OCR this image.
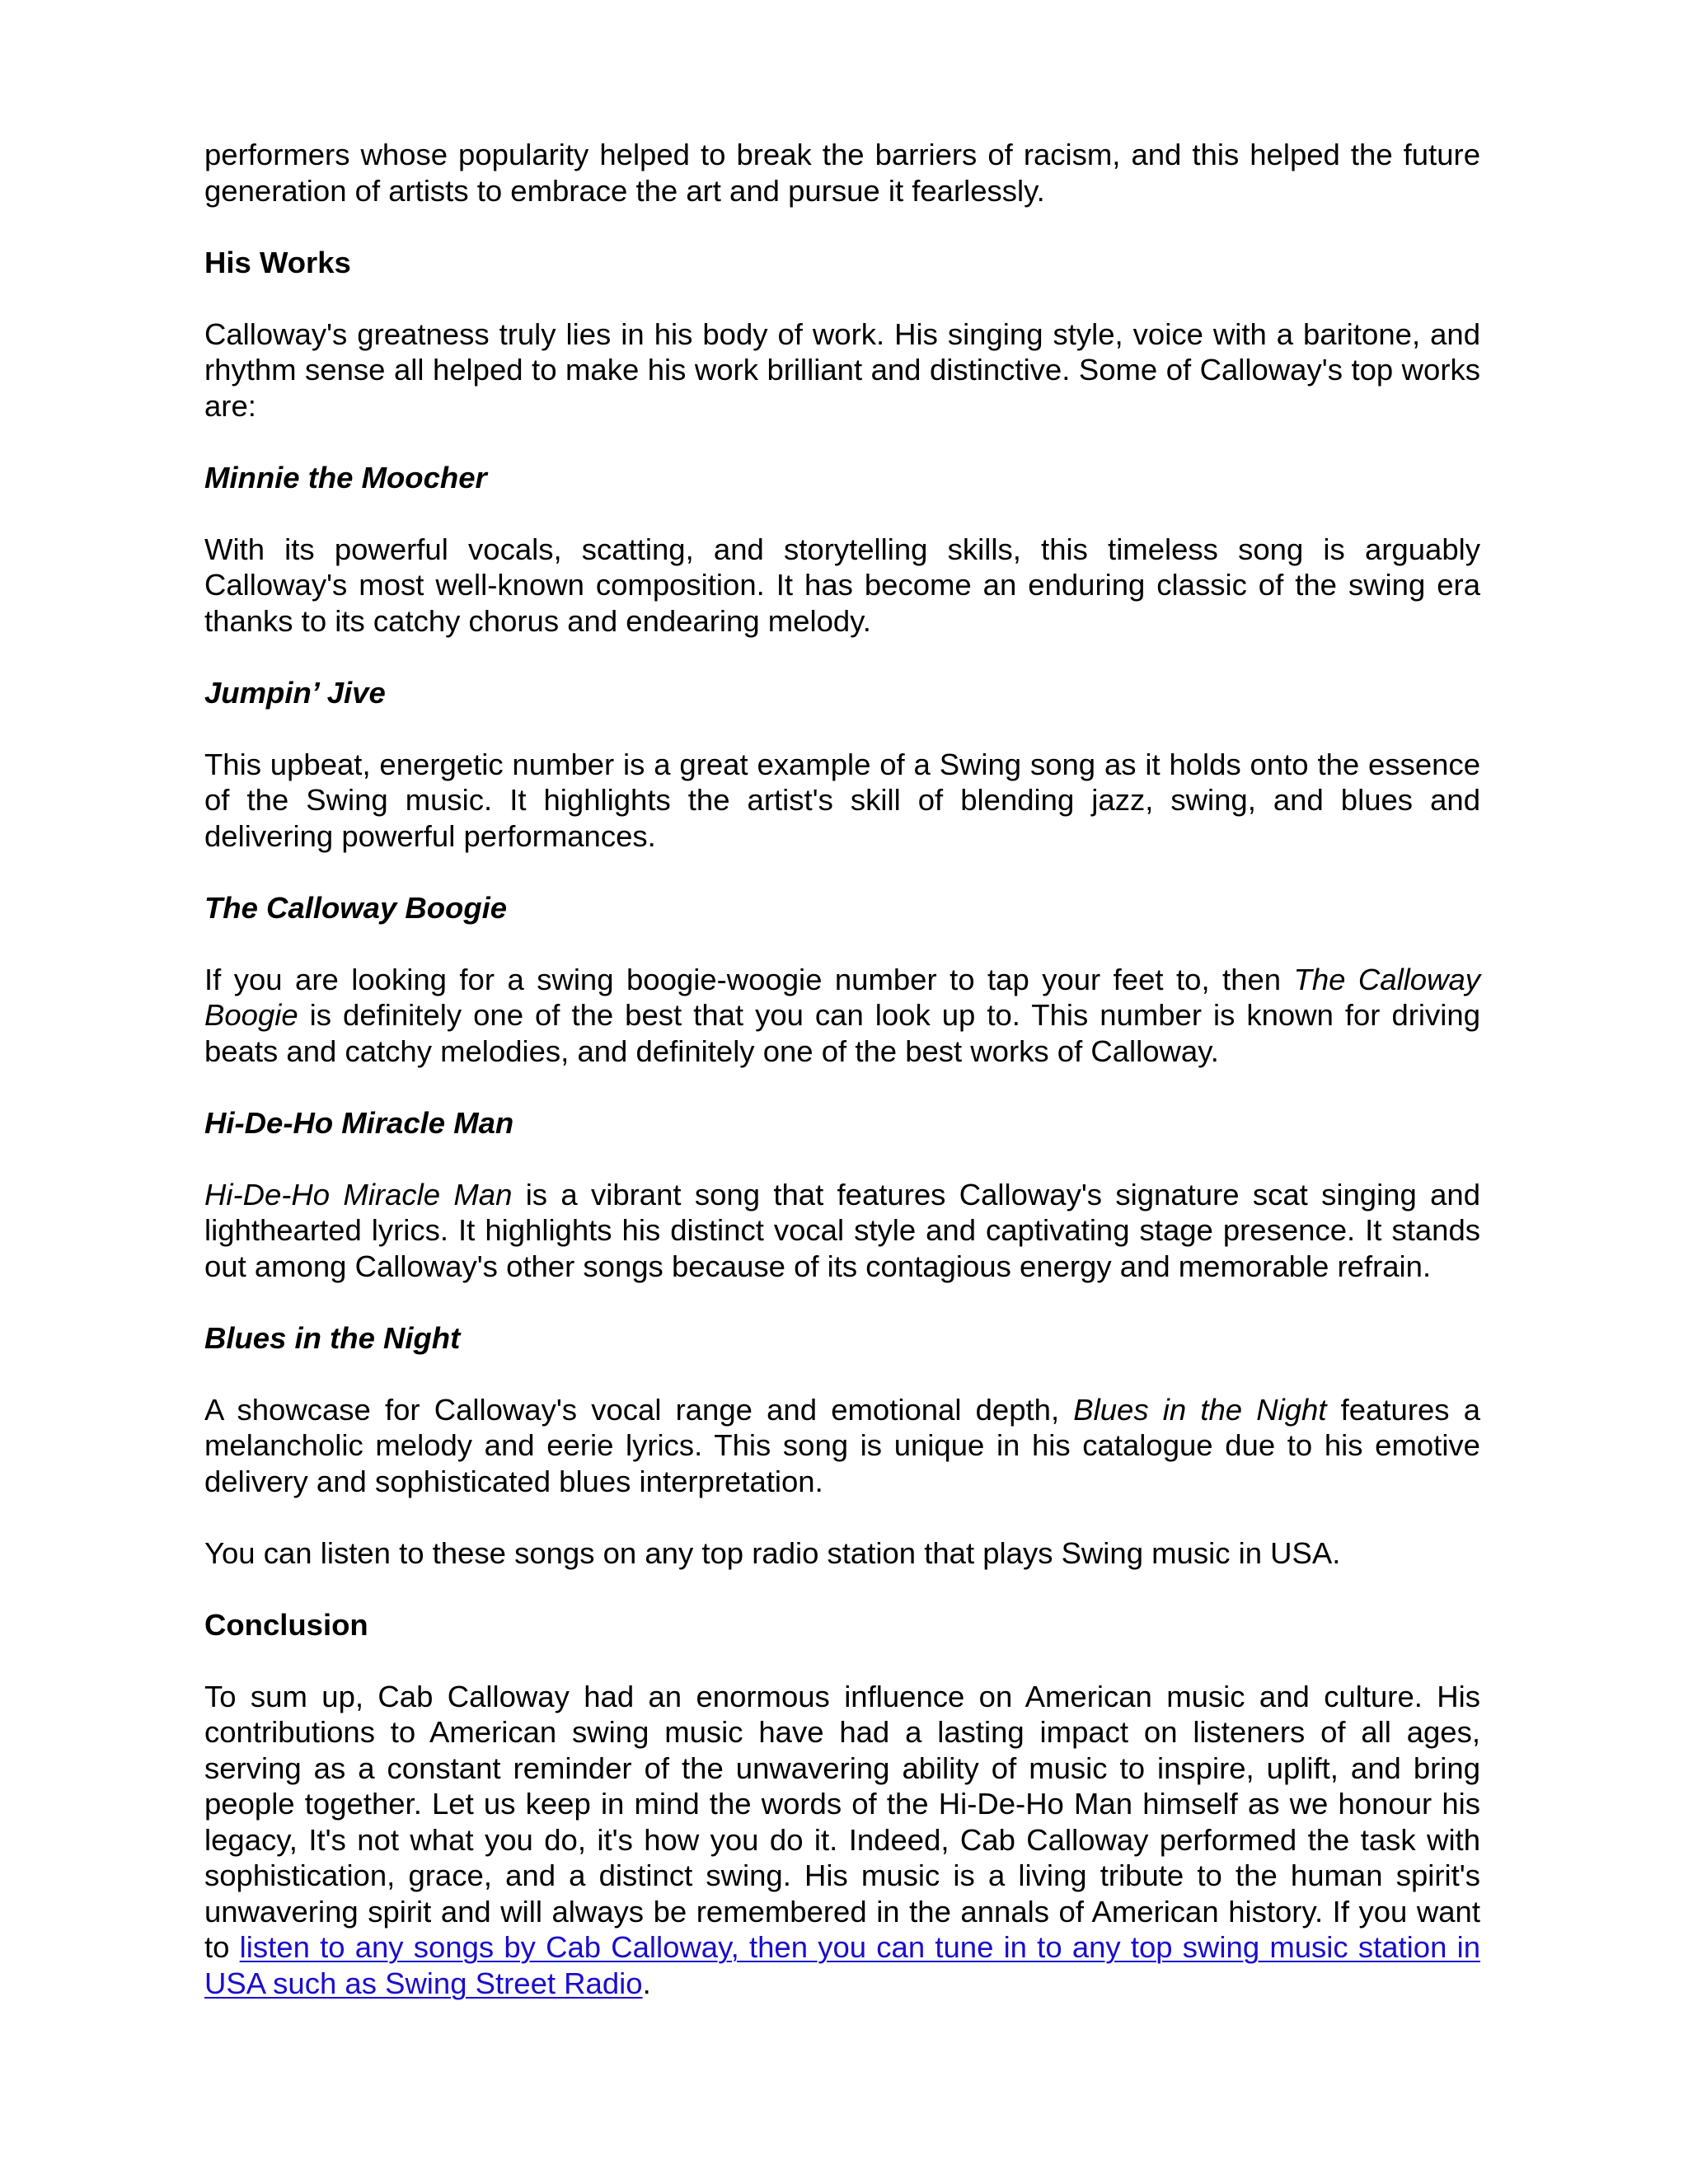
performers whose popularity helped to break the barriers of racism, and this helped the future generation of artists to embrace the art and pursue it fearlessly.

His Works

Calloway's greatness truly lies in his body of work. His singing style, voice with a baritone, and rhythm sense all helped to make his work brilliant and distinctive. Some of Calloway's top works are:

Minnie the Moocher

With its powerful vocals, scatting, and storytelling skills, this timeless song is arguably Calloway's most well-known composition. It has become an enduring classic of the swing era thanks to its catchy chorus and endearing melody.

Jumpin’ Jive

This upbeat, energetic number is a great example of a Swing song as it holds onto the essence of the Swing music. It highlights the artist's skill of blending jazz, swing, and blues and delivering powerful performances.

The Calloway Boogie

If you are looking for a swing boogie-woogie number to tap your feet to, then The Calloway Boogie is definitely one of the best that you can look up to. This number is known for driving beats and catchy melodies, and definitely one of the best works of Calloway.

Hi-De-Ho Miracle Man

Hi-De-Ho Miracle Man is a vibrant song that features Calloway's signature scat singing and lighthearted lyrics. It highlights his distinct vocal style and captivating stage presence. It stands out among Calloway's other songs because of its contagious energy and memorable refrain.

Blues in the Night

A showcase for Calloway's vocal range and emotional depth, Blues in the Night features a melancholic melody and eerie lyrics. This song is unique in his catalogue due to his emotive delivery and sophisticated blues interpretation.

You can listen to these songs on any top radio station that plays Swing music in USA.

Conclusion

To sum up, Cab Calloway had an enormous influence on American music and culture. His contributions to American swing music have had a lasting impact on listeners of all ages, serving as a constant reminder of the unwavering ability of music to inspire, uplift, and bring people together. Let us keep in mind the words of the Hi-De-Ho Man himself as we honour his legacy, It's not what you do, it's how you do it. Indeed, Cab Calloway performed the task with sophistication, grace, and a distinct swing. His music is a living tribute to the human spirit's unwavering spirit and will always be remembered in the annals of American history. If you want to listen to any songs by Cab Calloway, then you can tune in to any top swing music station in USA such as Swing Street Radio.
